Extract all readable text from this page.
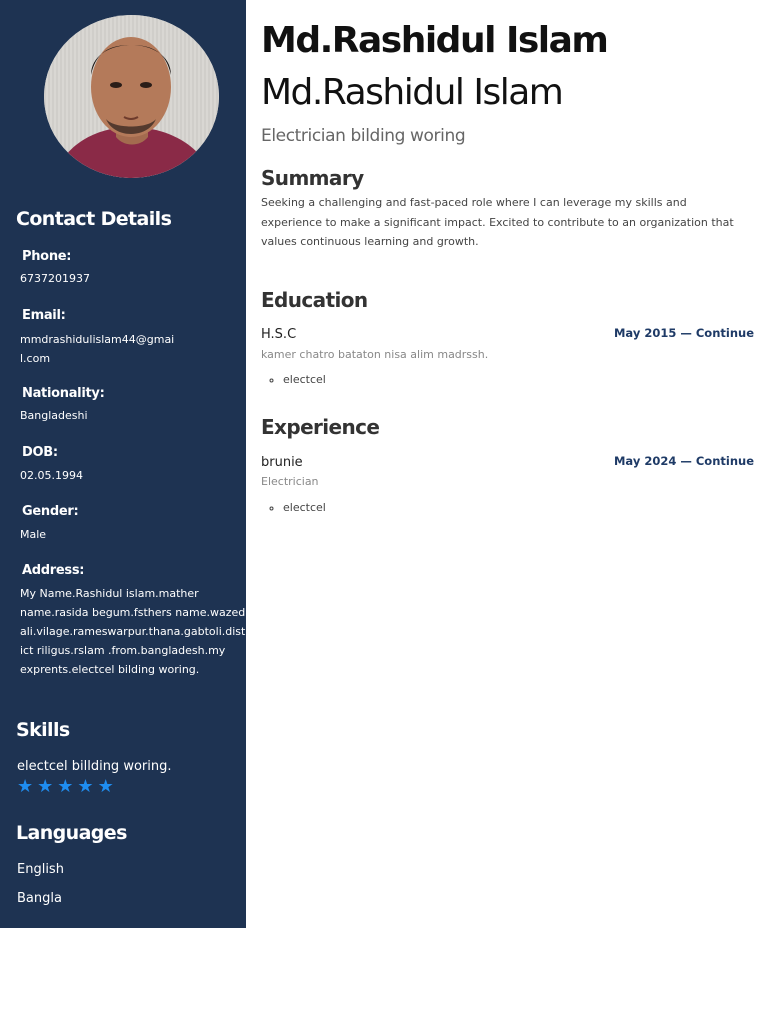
Contact Details
Phone:
6737201937
Email:
mmdrashidulislam44@gmail.com
Nationality:
Bangladeshi
DOB:
02.05.1994
Gender:
Male
Address:
My Name.Rashidul islam.mather name.rasida begum.fsthers name.wazed ali.vilage.rameswarpur.thana.gabtoli.district riligus.rslam .from.bangladesh.my exprents.electcel bilding woring.
Skills
electcel billding woring.
★ ★ ★ ★ ★
Languages
English
Bangla
Md.Rashidul Islam Md.Rashidul Islam
Electrician bilding woring
Summary
Seeking a challenging and fast-paced role where I can leverage my skills and experience to make a significant impact. Excited to contribute to an organization that values continuous learning and growth.
Education
H.S.C	May 2015 — Continue
kamer chatro bataton nisa alim madrssh.
◦ electcel
Experience
brunie	May 2024 — Continue
Electrician
◦ electcel
